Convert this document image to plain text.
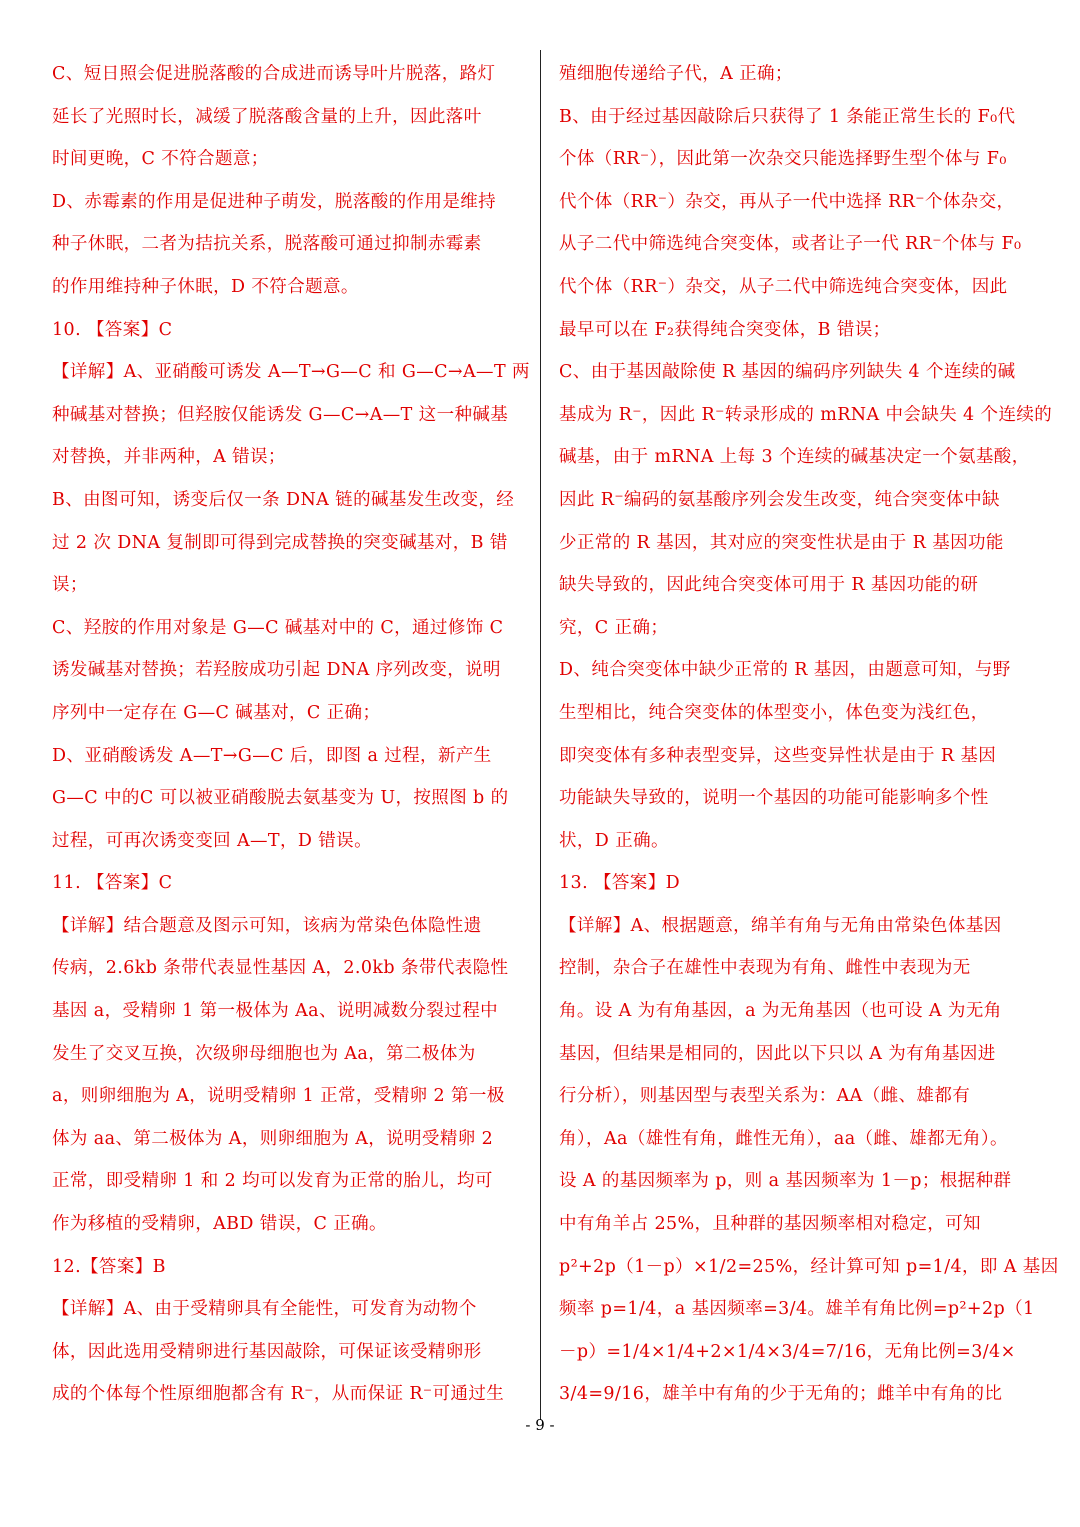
C、短日照会促进脱落酸的合成进而诱导叶片脱落，路灯
延长了光照时长，减缓了脱落酸含量的上升，因此落叶
时间更晚，C 不符合题意；
D、赤霉素的作用是促进种子萌发，脱落酸的作用是维持
种子休眠，二者为拮抗关系，脱落酸可通过抑制赤霉素
的作用维持种子休眠，D 不符合题意。
10. 【答案】C
【详解】A、亚硝酸可诱发 A—T→G—C 和 G—C→A—T 两
种碱基对替换；但羟胺仅能诱发 G—C→A—T 这一种碱基
对替换，并非两种，A 错误；
B、由图可知，诱变后仅一条 DNA 链的碱基发生改变，经
过 2 次 DNA 复制即可得到完成替换的突变碱基对，B 错
误；
C、羟胺的作用对象是 G—C 碱基对中的 C，通过修饰 C
诱发碱基对替换；若羟胺成功引起 DNA 序列改变，说明
序列中一定存在 G—C 碱基对，C 正确；
D、亚硝酸诱发 A—T→G—C 后，即图 a 过程，新产生
G—C 中的C 可以被亚硝酸脱去氨基变为 U，按照图 b 的
过程，可再次诱变变回 A—T，D 错误。
11. 【答案】C
【详解】结合题意及图示可知，该病为常染色体隐性遗
传病，2.6kb 条带代表显性基因 A，2.0kb 条带代表隐性
基因 a，受精卵 1 第一极体为 Aa、说明减数分裂过程中
发生了交叉互换，次级卵母细胞也为 Aa，第二极体为
a，则卵细胞为 A，说明受精卵 1 正常，受精卵 2 第一极
体为 aa、第二极体为 A，则卵细胞为 A，说明受精卵 2
正常，即受精卵 1 和 2 均可以发育为正常的胎儿，均可
作为移植的受精卵，ABD 错误，C 正确。
12.【答案】B
【详解】A、由于受精卵具有全能性，可发育为动物个
体，因此选用受精卵进行基因敲除，可保证该受精卵形
成的个体每个性原细胞都含有 R⁻，从而保证 R⁻可通过生
殖细胞传递给子代，A 正确；
B、由于经过基因敲除后只获得了 1 条能正常生长的 F₀代
个体（RR⁻），因此第一次杂交只能选择野生型个体与 F₀
代个体（RR⁻）杂交，再从子一代中选择 RR⁻个体杂交，
从子二代中筛选纯合突变体，或者让子一代 RR⁻个体与 F₀
代个体（RR⁻）杂交，从子二代中筛选纯合突变体，因此
最早可以在 F₂获得纯合突变体，B 错误；
C、由于基因敲除使 R 基因的编码序列缺失 4 个连续的碱
基成为 R⁻，因此 R⁻转录形成的 mRNA 中会缺失 4 个连续的
碱基，由于 mRNA 上每 3 个连续的碱基决定一个氨基酸，
因此 R⁻编码的氨基酸序列会发生改变，纯合突变体中缺
少正常的 R 基因，其对应的突变性状是由于 R 基因功能
缺失导致的，因此纯合突变体可用于 R 基因功能的研
究，C 正确；
D、纯合突变体中缺少正常的 R 基因，由题意可知，与野
生型相比，纯合突变体的体型变小，体色变为浅红色，
即突变体有多种表型变异，这些变异性状是由于 R 基因
功能缺失导致的，说明一个基因的功能可能影响多个性
状，D 正确。
13. 【答案】D
【详解】A、根据题意，绵羊有角与无角由常染色体基因
控制，杂合子在雄性中表现为有角、雌性中表现为无
角。设 A 为有角基因，a 为无角基因（也可设 A 为无角
基因，但结果是相同的，因此以下只以 A 为有角基因进
行分析），则基因型与表型关系为：AA（雌、雄都有
角），Aa（雄性有角，雌性无角），aa（雌、雄都无角）。
设 A 的基因频率为 p，则 a 基因频率为 1－p；根据种群
中有角羊占 25%，且种群的基因频率相对稳定，可知
p²+2p（1－p）×1/2=25%，经计算可知 p=1/4，即 A 基因
频率 p=1/4，a 基因频率=3/4。雄羊有角比例=p²+2p（1
－p）=1/4×1/4+2×1/4×3/4=7/16，无角比例=3/4×
3/4=9/16，雄羊中有角的少于无角的；雌羊中有角的比
- 9 -
